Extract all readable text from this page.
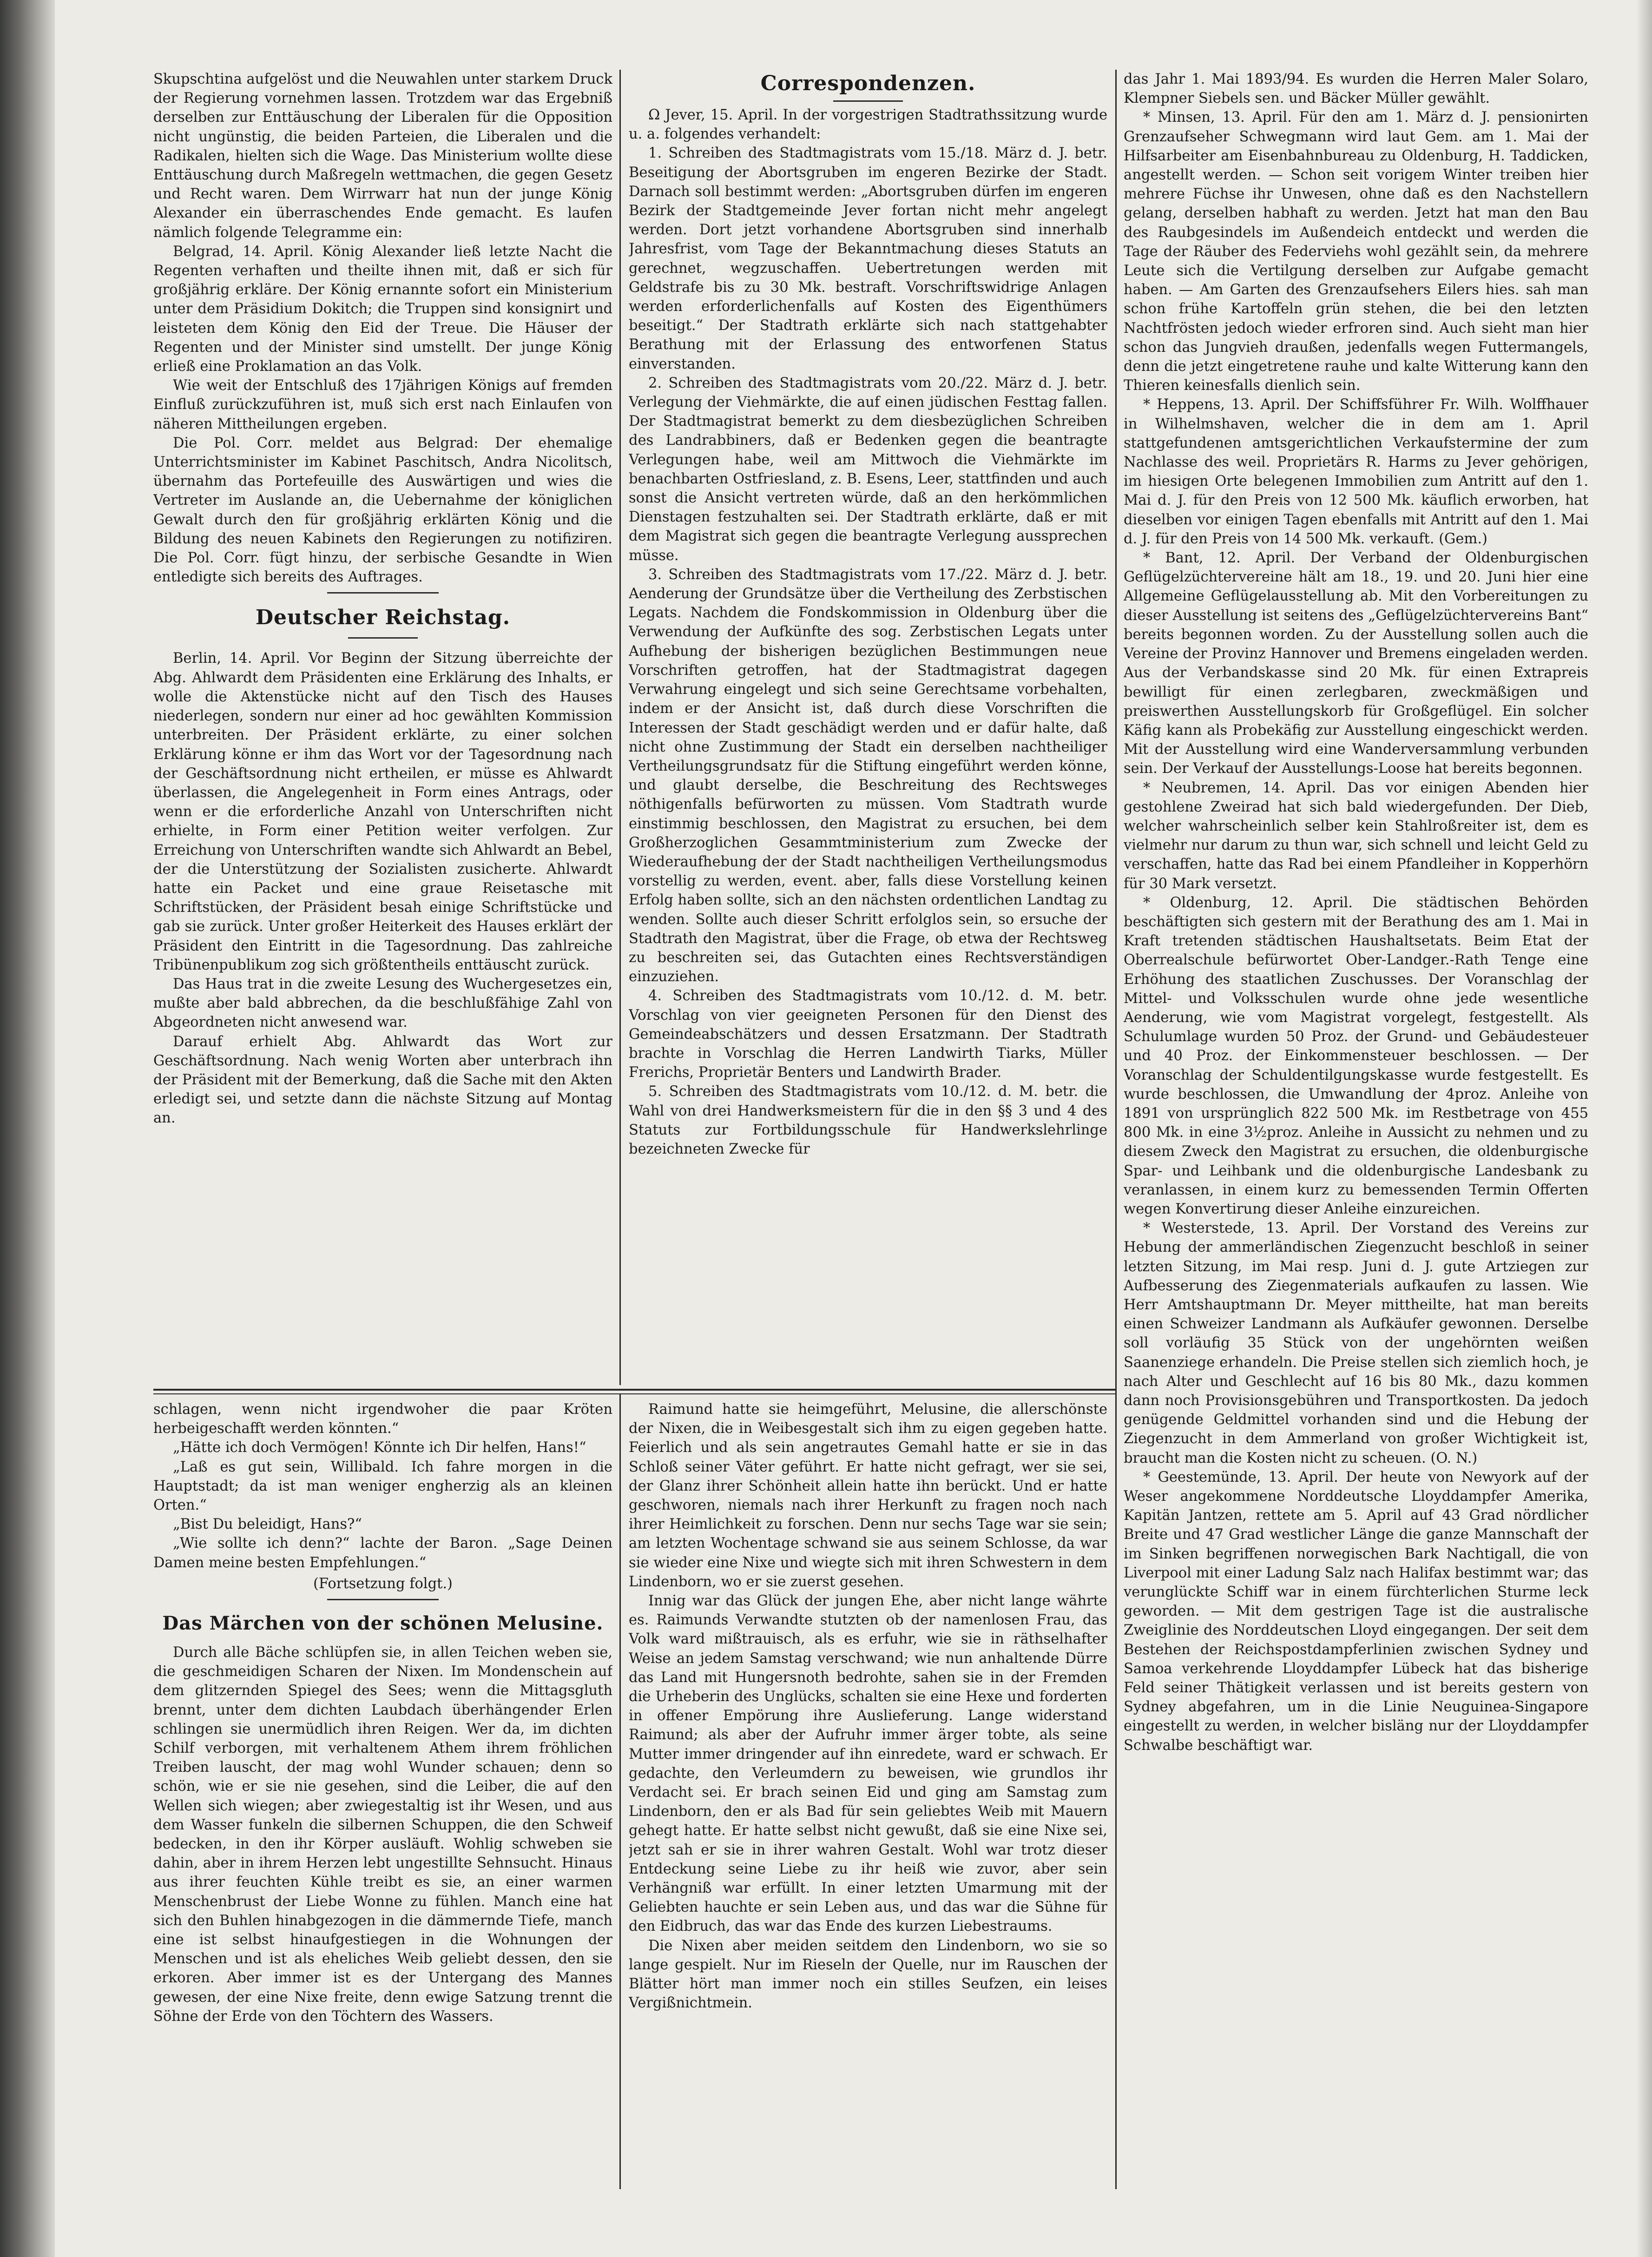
Skupschtina aufgelöst und die Neuwahlen unter starkem Druck der Regierung vornehmen lassen. Trotzdem war das Ergebniß derselben zur Enttäuschung der Liberalen für die Opposition nicht ungünstig, die beiden Parteien, die Liberalen und die Radikalen, hielten sich die Wage. Das Ministerium wollte diese Enttäuschung durch Maßregeln wettmachen, die gegen Gesetz und Recht waren. Dem Wirrwarr hat nun der junge König Alexander ein überraschendes Ende gemacht. Es laufen nämlich folgende Telegramme ein:

Belgrad, 14. April. König Alexander ließ letzte Nacht die Regenten verhaften und theilte ihnen mit, daß er sich für großjährig erkläre. Der König ernannte sofort ein Ministerium unter dem Präsidium Dokitch; die Truppen sind konsignirt und leisteten dem König den Eid der Treue. Die Häuser der Regenten und der Minister sind umstellt. Der junge König erließ eine Proklamation an das Volk.

Wie weit der Entschluß des 17jährigen Königs auf fremden Einfluß zurückzuführen ist, muß sich erst nach Einlaufen von näheren Mittheilungen ergeben.

Die Pol. Corr. meldet aus Belgrad: Der ehemalige Unterrichtsminister im Kabinet Paschitsch, Andra Nicolitsch, übernahm das Portefeuille des Auswärtigen und wies die Vertreter im Auslande an, die Uebernahme der königlichen Gewalt durch den für großjährig erklärten König und die Bildung des neuen Kabinets den Regierungen zu notifiziren. Die Pol. Corr. fügt hinzu, der serbische Gesandte in Wien entledigte sich bereits des Auftrages.

Deutscher Reichstag.

Berlin, 14. April. Vor Beginn der Sitzung überreichte der Abg. Ahlwardt dem Präsidenten eine Erklärung des Inhalts, er wolle die Aktenstücke nicht auf den Tisch des Hauses niederlegen, sondern nur einer ad hoc gewählten Kommission unterbreiten. Der Präsident erklärte, zu einer solchen Erklärung könne er ihm das Wort vor der Tagesordnung nach der Geschäftsordnung nicht ertheilen, er müsse es Ahlwardt überlassen, die Angelegenheit in Form eines Antrags, oder wenn er die erforderliche Anzahl von Unterschriften nicht erhielte, in Form einer Petition weiter verfolgen. Zur Erreichung von Unterschriften wandte sich Ahlwardt an Bebel, der die Unterstützung der Sozialisten zusicherte. Ahlwardt hatte ein Packet und eine graue Reisetasche mit Schriftstücken, der Präsident besah einige Schriftstücke und gab sie zurück. Unter großer Heiterkeit des Hauses erklärt der Präsident den Eintritt in die Tagesordnung. Das zahlreiche Tribünenpublikum zog sich größtentheils enttäuscht zurück.

Das Haus trat in die zweite Lesung des Wuchergesetzes ein, mußte aber bald abbrechen, da die beschlußfähige Zahl von Abgeordneten nicht anwesend war.

Darauf erhielt Abg. Ahlwardt das Wort zur Geschäftsordnung. Nach wenig Worten aber unterbrach ihn der Präsident mit der Bemerkung, daß die Sache mit den Akten erledigt sei, und setzte dann die nächste Sitzung auf Montag an.

Correspondenzen.

Ω Jever, 15. April. In der vorgestrigen Stadtrathssitzung wurde u. a. folgendes verhandelt:

1. Schreiben des Stadtmagistrats vom 15./18. März d. J. betr. Beseitigung der Abortsgruben im engeren Bezirke der Stadt. Darnach soll bestimmt werden: „Abortsgruben dürfen im engeren Bezirk der Stadtgemeinde Jever fortan nicht mehr angelegt werden. Dort jetzt vorhandene Abortsgruben sind innerhalb Jahresfrist, vom Tage der Bekanntmachung dieses Statuts an gerechnet, wegzuschaffen. Uebertretungen werden mit Geldstrafe bis zu 30 Mk. bestraft. Vorschriftswidrige Anlagen werden erforderlichenfalls auf Kosten des Eigenthümers beseitigt.“ Der Stadtrath erklärte sich nach stattgehabter Berathung mit der Erlassung des entworfenen Status einverstanden.

2. Schreiben des Stadtmagistrats vom 20./22. März d. J. betr. Verlegung der Viehmärkte, die auf einen jüdischen Festtag fallen. Der Stadtmagistrat bemerkt zu dem diesbezüglichen Schreiben des Landrabbiners, daß er Bedenken gegen die beantragte Verlegungen habe, weil am Mittwoch die Viehmärkte im benachbarten Ostfriesland, z. B. Esens, Leer, stattfinden und auch sonst die Ansicht vertreten würde, daß an den herkömmlichen Dienstagen festzuhalten sei. Der Stadtrath erklärte, daß er mit dem Magistrat sich gegen die beantragte Verlegung aussprechen müsse.

3. Schreiben des Stadtmagistrats vom 17./22. März d. J. betr. Aenderung der Grundsätze über die Vertheilung des Zerbstischen Legats. Nachdem die Fondskommission in Oldenburg über die Verwendung der Aufkünfte des sog. Zerbstischen Legats unter Aufhebung der bisherigen bezüglichen Bestimmungen neue Vorschriften getroffen, hat der Stadtmagistrat dagegen Verwahrung eingelegt und sich seine Gerechtsame vorbehalten, indem er der Ansicht ist, daß durch diese Vorschriften die Interessen der Stadt geschädigt werden und er dafür halte, daß nicht ohne Zustimmung der Stadt ein derselben nachtheiliger Vertheilungsgrundsatz für die Stiftung eingeführt werden könne, und glaubt derselbe, die Beschreitung des Rechtsweges nöthigenfalls befürworten zu müssen. Vom Stadtrath wurde einstimmig beschlossen, den Magistrat zu ersuchen, bei dem Großherzoglichen Gesammtministerium zum Zwecke der Wiederaufhebung der der Stadt nachtheiligen Vertheilungsmodus vorstellig zu werden, event. aber, falls diese Vorstellung keinen Erfolg haben sollte, sich an den nächsten ordentlichen Landtag zu wenden. Sollte auch dieser Schritt erfolglos sein, so ersuche der Stadtrath den Magistrat, über die Frage, ob etwa der Rechtsweg zu beschreiten sei, das Gutachten eines Rechtsverständigen einzuziehen.

4. Schreiben des Stadtmagistrats vom 10./12. d. M. betr. Vorschlag von vier geeigneten Personen für den Dienst des Gemeindeabschätzers und dessen Ersatzmann. Der Stadtrath brachte in Vorschlag die Herren Landwirth Tiarks, Müller Frerichs, Proprietär Benters und Landwirth Brader.

5. Schreiben des Stadtmagistrats vom 10./12. d. M. betr. die Wahl von drei Handwerksmeistern für die in den §§ 3 und 4 des Statuts zur Fortbildungsschule für Handwerkslehrlinge bezeichneten Zwecke für

das Jahr 1. Mai 1893/94. Es wurden die Herren Maler Solaro, Klempner Siebels sen. und Bäcker Müller gewählt.

* Minsen, 13. April. Für den am 1. März d. J. pensionirten Grenzaufseher Schwegmann wird laut Gem. am 1. Mai der Hilfsarbeiter am Eisenbahnbureau zu Oldenburg, H. Taddicken, angestellt werden. — Schon seit vorigem Winter treiben hier mehrere Füchse ihr Unwesen, ohne daß es den Nachstellern gelang, derselben habhaft zu werden. Jetzt hat man den Bau des Raubgesindels im Außendeich entdeckt und werden die Tage der Räuber des Federviehs wohl gezählt sein, da mehrere Leute sich die Vertilgung derselben zur Aufgabe gemacht haben. — Am Garten des Grenzaufsehers Eilers hies. sah man schon frühe Kartoffeln grün stehen, die bei den letzten Nachtfrösten jedoch wieder erfroren sind. Auch sieht man hier schon das Jungvieh draußen, jedenfalls wegen Futtermangels, denn die jetzt eingetretene rauhe und kalte Witterung kann den Thieren keinesfalls dienlich sein.

* Heppens, 13. April. Der Schiffsführer Fr. Wilh. Wolffhauer in Wilhelmshaven, welcher die in dem am 1. April stattgefundenen amtsgerichtlichen Verkaufstermine der zum Nachlasse des weil. Proprietärs R. Harms zu Jever gehörigen, im hiesigen Orte belegenen Immobilien zum Antritt auf den 1. Mai d. J. für den Preis von 12 500 Mk. käuflich erworben, hat dieselben vor einigen Tagen ebenfalls mit Antritt auf den 1. Mai d. J. für den Preis von 14 500 Mk. verkauft. (Gem.)

* Bant, 12. April. Der Verband der Oldenburgischen Geflügelzüchtervereine hält am 18., 19. und 20. Juni hier eine Allgemeine Geflügelausstellung ab. Mit den Vorbereitungen zu dieser Ausstellung ist seitens des „Geflügelzüchtervereins Bant“ bereits begonnen worden. Zu der Ausstellung sollen auch die Vereine der Provinz Hannover und Bremens eingeladen werden. Aus der Verbandskasse sind 20 Mk. für einen Extrapreis bewilligt für einen zerlegbaren, zweckmäßigen und preiswerthen Ausstellungskorb für Großgeflügel. Ein solcher Käfig kann als Probekäfig zur Ausstellung eingeschickt werden. Mit der Ausstellung wird eine Wanderversammlung verbunden sein. Der Verkauf der Ausstellungs-Loose hat bereits begonnen.

* Neubremen, 14. April. Das vor einigen Abenden hier gestohlene Zweirad hat sich bald wiedergefunden. Der Dieb, welcher wahrscheinlich selber kein Stahlroßreiter ist, dem es vielmehr nur darum zu thun war, sich schnell und leicht Geld zu verschaffen, hatte das Rad bei einem Pfandleiher in Kopperhörn für 30 Mark versetzt.

* Oldenburg, 12. April. Die städtischen Behörden beschäftigten sich gestern mit der Berathung des am 1. Mai in Kraft tretenden städtischen Haushaltsetats. Beim Etat der Oberrealschule befürwortet Ober-Landger.-Rath Tenge eine Erhöhung des staatlichen Zuschusses. Der Voranschlag der Mittel- und Volksschulen wurde ohne jede wesentliche Aenderung, wie vom Magistrat vorgelegt, festgestellt. Als Schulumlage wurden 50 Proz. der Grund- und Gebäudesteuer und 40 Proz. der Einkommensteuer beschlossen. — Der Voranschlag der Schuldentilgungskasse wurde festgestellt. Es wurde beschlossen, die Umwandlung der 4proz. Anleihe von 1891 von ursprünglich 822 500 Mk. im Restbetrage von 455 800 Mk. in eine 3½proz. Anleihe in Aussicht zu nehmen und zu diesem Zweck den Magistrat zu ersuchen, die oldenburgische Spar- und Leihbank und die oldenburgische Landesbank zu veranlassen, in einem kurz zu bemessenden Termin Offerten wegen Konvertirung dieser Anleihe einzureichen.

* Westerstede, 13. April. Der Vorstand des Vereins zur Hebung der ammerländischen Ziegenzucht beschloß in seiner letzten Sitzung, im Mai resp. Juni d. J. gute Artziegen zur Aufbesserung des Ziegenmaterials aufkaufen zu lassen. Wie Herr Amtshauptmann Dr. Meyer mittheilte, hat man bereits einen Schweizer Landmann als Aufkäufer gewonnen. Derselbe soll vorläufig 35 Stück von der ungehörnten weißen Saanenziege erhandeln. Die Preise stellen sich ziemlich hoch, je nach Alter und Geschlecht auf 16 bis 80 Mk., dazu kommen dann noch Provisionsgebühren und Transportkosten. Da jedoch genügende Geldmittel vorhanden sind und die Hebung der Ziegenzucht in dem Ammerland von großer Wichtigkeit ist, braucht man die Kosten nicht zu scheuen. (O. N.)

* Geestemünde, 13. April. Der heute von Newyork auf der Weser angekommene Norddeutsche Lloyddampfer Amerika, Kapitän Jantzen, rettete am 5. April auf 43 Grad nördlicher Breite und 47 Grad westlicher Länge die ganze Mannschaft der im Sinken begriffenen norwegischen Bark Nachtigall, die von Liverpool mit einer Ladung Salz nach Halifax bestimmt war; das verunglückte Schiff war in einem fürchterlichen Sturme leck geworden. — Mit dem gestrigen Tage ist die australische Zweiglinie des Norddeutschen Lloyd eingegangen. Der seit dem Bestehen der Reichspostdampferlinien zwischen Sydney und Samoa verkehrende Lloyddampfer Lübeck hat das bisherige Feld seiner Thätigkeit verlassen und ist bereits gestern von Sydney abgefahren, um in die Linie Neuguinea-Singapore eingestellt zu werden, in welcher bisläng nur der Lloyddampfer Schwalbe beschäftigt war.

schlagen, wenn nicht irgendwoher die paar Kröten herbeigeschafft werden könnten.“

„Hätte ich doch Vermögen! Könnte ich Dir helfen, Hans!“

„Laß es gut sein, Willibald. Ich fahre morgen in die Hauptstadt; da ist man weniger engherzig als an kleinen Orten.“

„Bist Du beleidigt, Hans?“

„Wie sollte ich denn?“ lachte der Baron. „Sage Deinen Damen meine besten Empfehlungen.“

(Fortsetzung folgt.)
Das Märchen von der schönen Melusine.

Durch alle Bäche schlüpfen sie, in allen Teichen weben sie, die geschmeidigen Scharen der Nixen. Im Mondenschein auf dem glitzernden Spiegel des Sees; wenn die Mittagsgluth brennt, unter dem dichten Laubdach überhängender Erlen schlingen sie unermüdlich ihren Reigen. Wer da, im dichten Schilf verborgen, mit verhaltenem Athem ihrem fröhlichen Treiben lauscht, der mag wohl Wunder schauen; denn so schön, wie er sie nie gesehen, sind die Leiber, die auf den Wellen sich wiegen; aber zwiegestaltig ist ihr Wesen, und aus dem Wasser funkeln die silbernen Schuppen, die den Schweif bedecken, in den ihr Körper ausläuft. Wohlig schweben sie dahin, aber in ihrem Herzen lebt ungestillte Sehnsucht. Hinaus aus ihrer feuchten Kühle treibt es sie, an einer warmen Menschenbrust der Liebe Wonne zu fühlen. Manch eine hat sich den Buhlen hinabgezogen in die dämmernde Tiefe, manch eine ist selbst hinaufgestiegen in die Wohnungen der Menschen und ist als eheliches Weib geliebt dessen, den sie erkoren. Aber immer ist es der Untergang des Mannes gewesen, der eine Nixe freite, denn ewige Satzung trennt die Söhne der Erde von den Töchtern des Wassers.

Raimund hatte sie heimgeführt, Melusine, die allerschönste der Nixen, die in Weibesgestalt sich ihm zu eigen gegeben hatte. Feierlich und als sein angetrautes Gemahl hatte er sie in das Schloß seiner Väter geführt. Er hatte nicht gefragt, wer sie sei, der Glanz ihrer Schönheit allein hatte ihn berückt. Und er hatte geschworen, niemals nach ihrer Herkunft zu fragen noch nach ihrer Heimlichkeit zu forschen. Denn nur sechs Tage war sie sein; am letzten Wochentage schwand sie aus seinem Schlosse, da war sie wieder eine Nixe und wiegte sich mit ihren Schwestern in dem Lindenborn, wo er sie zuerst gesehen.

Innig war das Glück der jungen Ehe, aber nicht lange währte es. Raimunds Verwandte stutzten ob der namenlosen Frau, das Volk ward mißtrauisch, als es erfuhr, wie sie in räthselhafter Weise an jedem Samstag verschwand; wie nun anhaltende Dürre das Land mit Hungersnoth bedrohte, sahen sie in der Fremden die Urheberin des Unglücks, schalten sie eine Hexe und forderten in offener Empörung ihre Auslieferung. Lange widerstand Raimund; als aber der Aufruhr immer ärger tobte, als seine Mutter immer dringender auf ihn einredete, ward er schwach. Er gedachte, den Verleumdern zu beweisen, wie grundlos ihr Verdacht sei. Er brach seinen Eid und ging am Samstag zum Lindenborn, den er als Bad für sein geliebtes Weib mit Mauern gehegt hatte. Er hatte selbst nicht gewußt, daß sie eine Nixe sei, jetzt sah er sie in ihrer wahren Gestalt. Wohl war trotz dieser Entdeckung seine Liebe zu ihr heiß wie zuvor, aber sein Verhängniß war erfüllt. In einer letzten Umarmung mit der Geliebten hauchte er sein Leben aus, und das war die Sühne für den Eidbruch, das war das Ende des kurzen Liebestraums.

Die Nixen aber meiden seitdem den Lindenborn, wo sie so lange gespielt. Nur im Rieseln der Quelle, nur im Rauschen der Blätter hört man immer noch ein stilles Seufzen, ein leises Vergißnichtmein.
